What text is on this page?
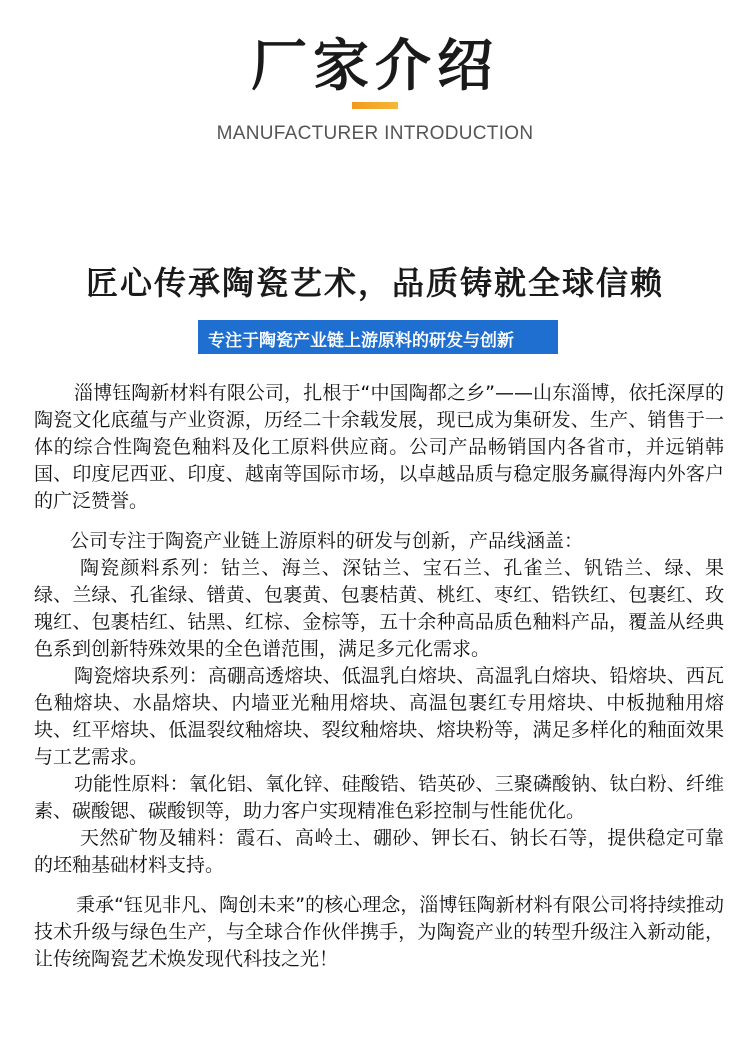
厂家介绍
MANUFACTURER INTRODUCTION
匠心传承陶瓷艺术，品质铸就全球信赖
专注于陶瓷产业链上游原料的研发与创新

淄博钰陶新材料有限公司，扎根于“中国陶都之乡”——山东淄博，依托深厚的陶瓷文化底蕴与产业资源，历经二十余载发展，现已成为集研发、生产、销售于一体的综合性陶瓷色釉料及化工原料供应商。公司产品畅销国内各省市，并远销韩国、印度尼西亚、印度、越南等国际市场，以卓越品质与稳定服务赢得海内外客户的广泛赞誉。

公司专注于陶瓷产业链上游原料的研发与创新，产品线涵盖：

陶瓷颜料系列：钴兰、海兰、深钴兰、宝石兰、孔雀兰、钒锆兰、绿、果绿、兰绿、孔雀绿、镨黄、包裹黄、包裹桔黄、桃红、枣红、锆铁红、包裹红、玫瑰红、包裹桔红、钴黑、红棕、金棕等，五十余种高品质色釉料产品，覆盖从经典色系到创新特殊效果的全色谱范围，满足多元化需求。

陶瓷熔块系列：高硼高透熔块、低温乳白熔块、高温乳白熔块、铅熔块、西瓦色釉熔块、水晶熔块、内墙亚光釉用熔块、高温包裹红专用熔块、中板抛釉用熔块、红平熔块、低温裂纹釉熔块、裂纹釉熔块、熔块粉等，满足多样化的釉面效果与工艺需求。

功能性原料：氧化铝、氧化锌、硅酸锆、锆英砂、三聚磷酸钠、钛白粉、纤维素、碳酸锶、碳酸钡等，助力客户实现精准色彩控制与性能优化。

天然矿物及辅料：霞石、高岭土、硼砂、钾长石、钠长石等，提供稳定可靠的坯釉基础材料支持。

秉承“钰见非凡、陶创未来”的核心理念，淄博钰陶新材料有限公司将持续推动技术升级与绿色生产，与全球合作伙伴携手，为陶瓷产业的转型升级注入新动能，让传统陶瓷艺术焕发现代科技之光！
